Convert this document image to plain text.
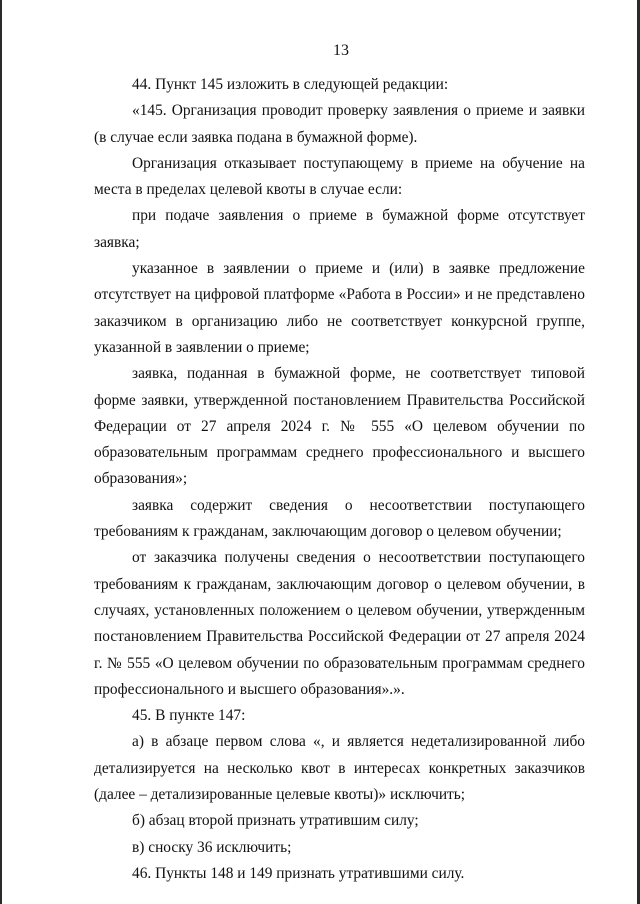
13

44. Пункт 145 изложить в следующей редакции:

«145. Организация проводит проверку заявления о приеме и заявки (в случае если заявка подана в бумажной форме).

Организация отказывает поступающему в приеме на обучение на места в пределах целевой квоты в случае если:

при подаче заявления о приеме в бумажной форме отсутствует заявка;

указанное в заявлении о приеме и (или) в заявке предложение отсутствует на цифровой платформе «Работа в России» и не представлено заказчиком в организацию либо не соответствует конкурсной группе, указанной в заявлении о приеме;

заявка, поданная в бумажной форме, не соответствует типовой форме заявки, утвержденной постановлением Правительства Российской Федерации от 27 апреля 2024 г. № 555 «О целевом обучении по образовательным программам среднего профессионального и высшего образования»;

заявка содержит сведения о несоответствии поступающего требованиям к гражданам, заключающим договор о целевом обучении;

от заказчика получены сведения о несоответствии поступающего требованиям к гражданам, заключающим договор о целевом обучении, в случаях, установленных положением о целевом обучении, утвержденным постановлением Правительства Российской Федерации от 27 апреля 2024 г. № 555 «О целевом обучении по образовательным программам среднего профессионального и высшего образования».».

45. В пункте 147:

а) в абзаце первом слова «, и является недетализированной либо детализируется на несколько квот в интересах конкретных заказчиков (далее – детализированные целевые квоты)» исключить;

б) абзац второй признать утратившим силу;

в) сноску 36 исключить;

46. Пункты 148 и 149 признать утратившими силу.
